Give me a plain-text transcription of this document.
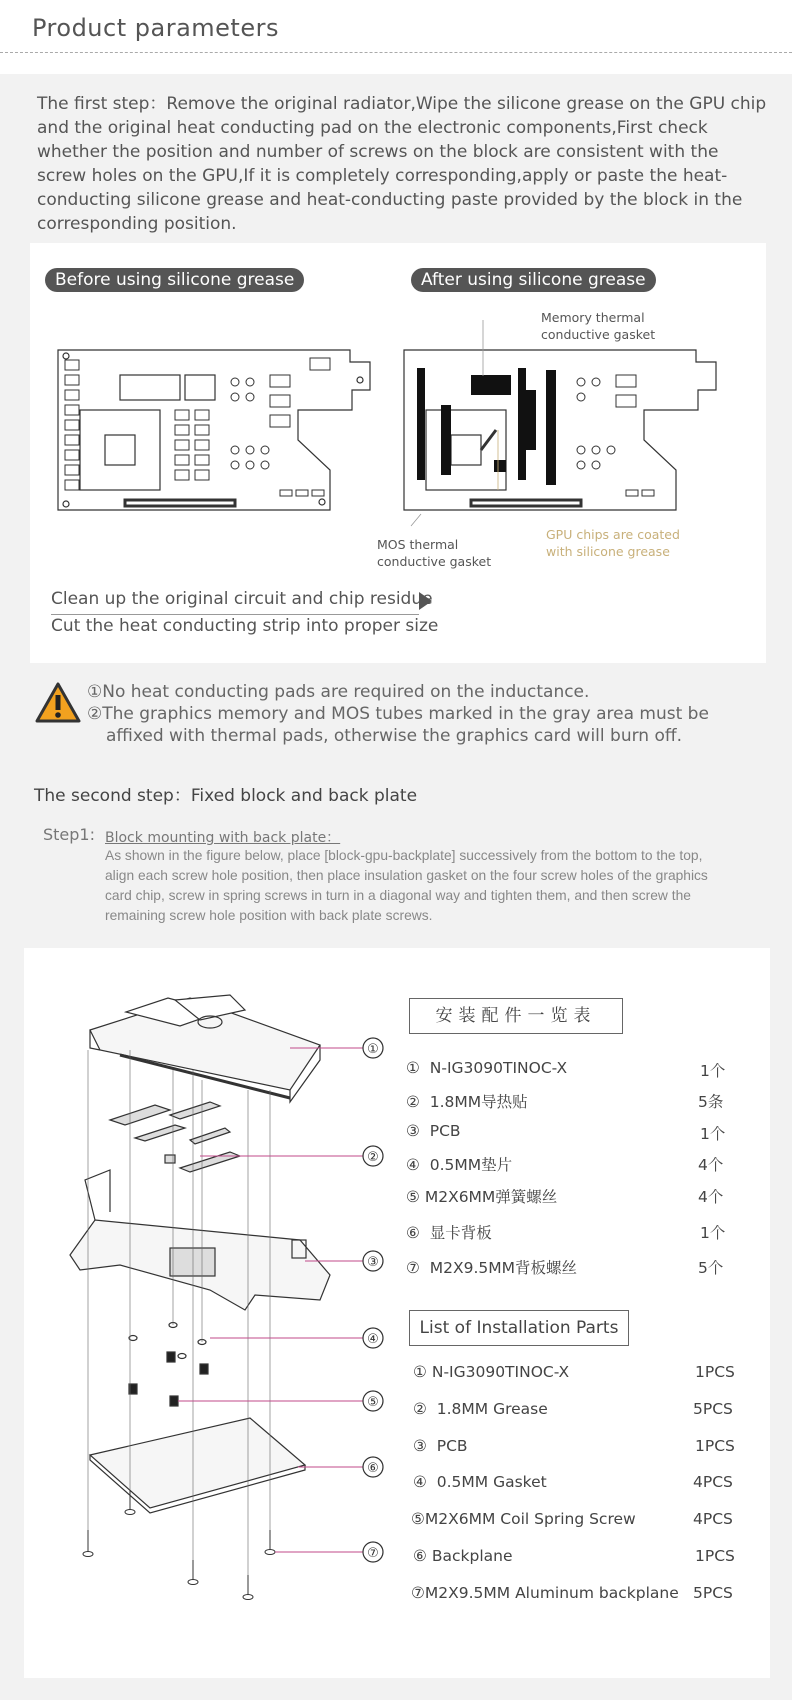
Product parameters
The first step：Remove the original radiator,Wipe the silicone grease on the GPU chip and the original heat conducting pad on the electronic components,First check whether the position and number of screws on the block are consistent with the screw holes on the GPU,If it is completely corresponding,apply or paste the heat-conducting silicone grease and heat-conducting paste provided by the block in the corresponding position.
Before using silicone grease	After using silicone grease
Memory thermal
conductive gasket
MOS thermal
conductive gasket
GPU chips are coated
with silicone grease
Clean up the original circuit and chip residue
Cut the heat conducting strip into proper size
①No heat conducting pads are required on the inductance.
②The graphics memory and MOS tubes marked in the gray area must be
affixed with thermal pads, otherwise the graphics card will burn off.
The second step：Fixed block and back plate
Step1: Block mounting with back plate：
As shown in the figure below, place [block-gpu-backplate] successively from the bottom to the top, align each screw hole position, then place insulation gasket on the four screw holes of the graphics card chip, screw in spring screws in turn in a diagonal way and tighten them, and then screw the remaining screw hole position with back plate screws.
①
②
③
④
⑤
⑥
⑦
安装配件一览表
① N-IG3090TINOC-X	1个
② 1.8MM导热贴	5条
③ PCB	1个
④ 0.5MM垫片	4个
⑤ M2X6MM弹簧螺丝	4个
⑥ 显卡背板	1个
⑦ M2X9.5MM背板螺丝	5个
List of Installation Parts
① N-IG3090TINOC-X	1PCS
② 1.8MM Grease	5PCS
③ PCB	1PCS
④ 0.5MM Gasket	4PCS
⑤M2X6MM Coil Spring Screw	4PCS
⑥ Backplane	1PCS
⑦M2X9.5MM Aluminum backplane 5PCS
